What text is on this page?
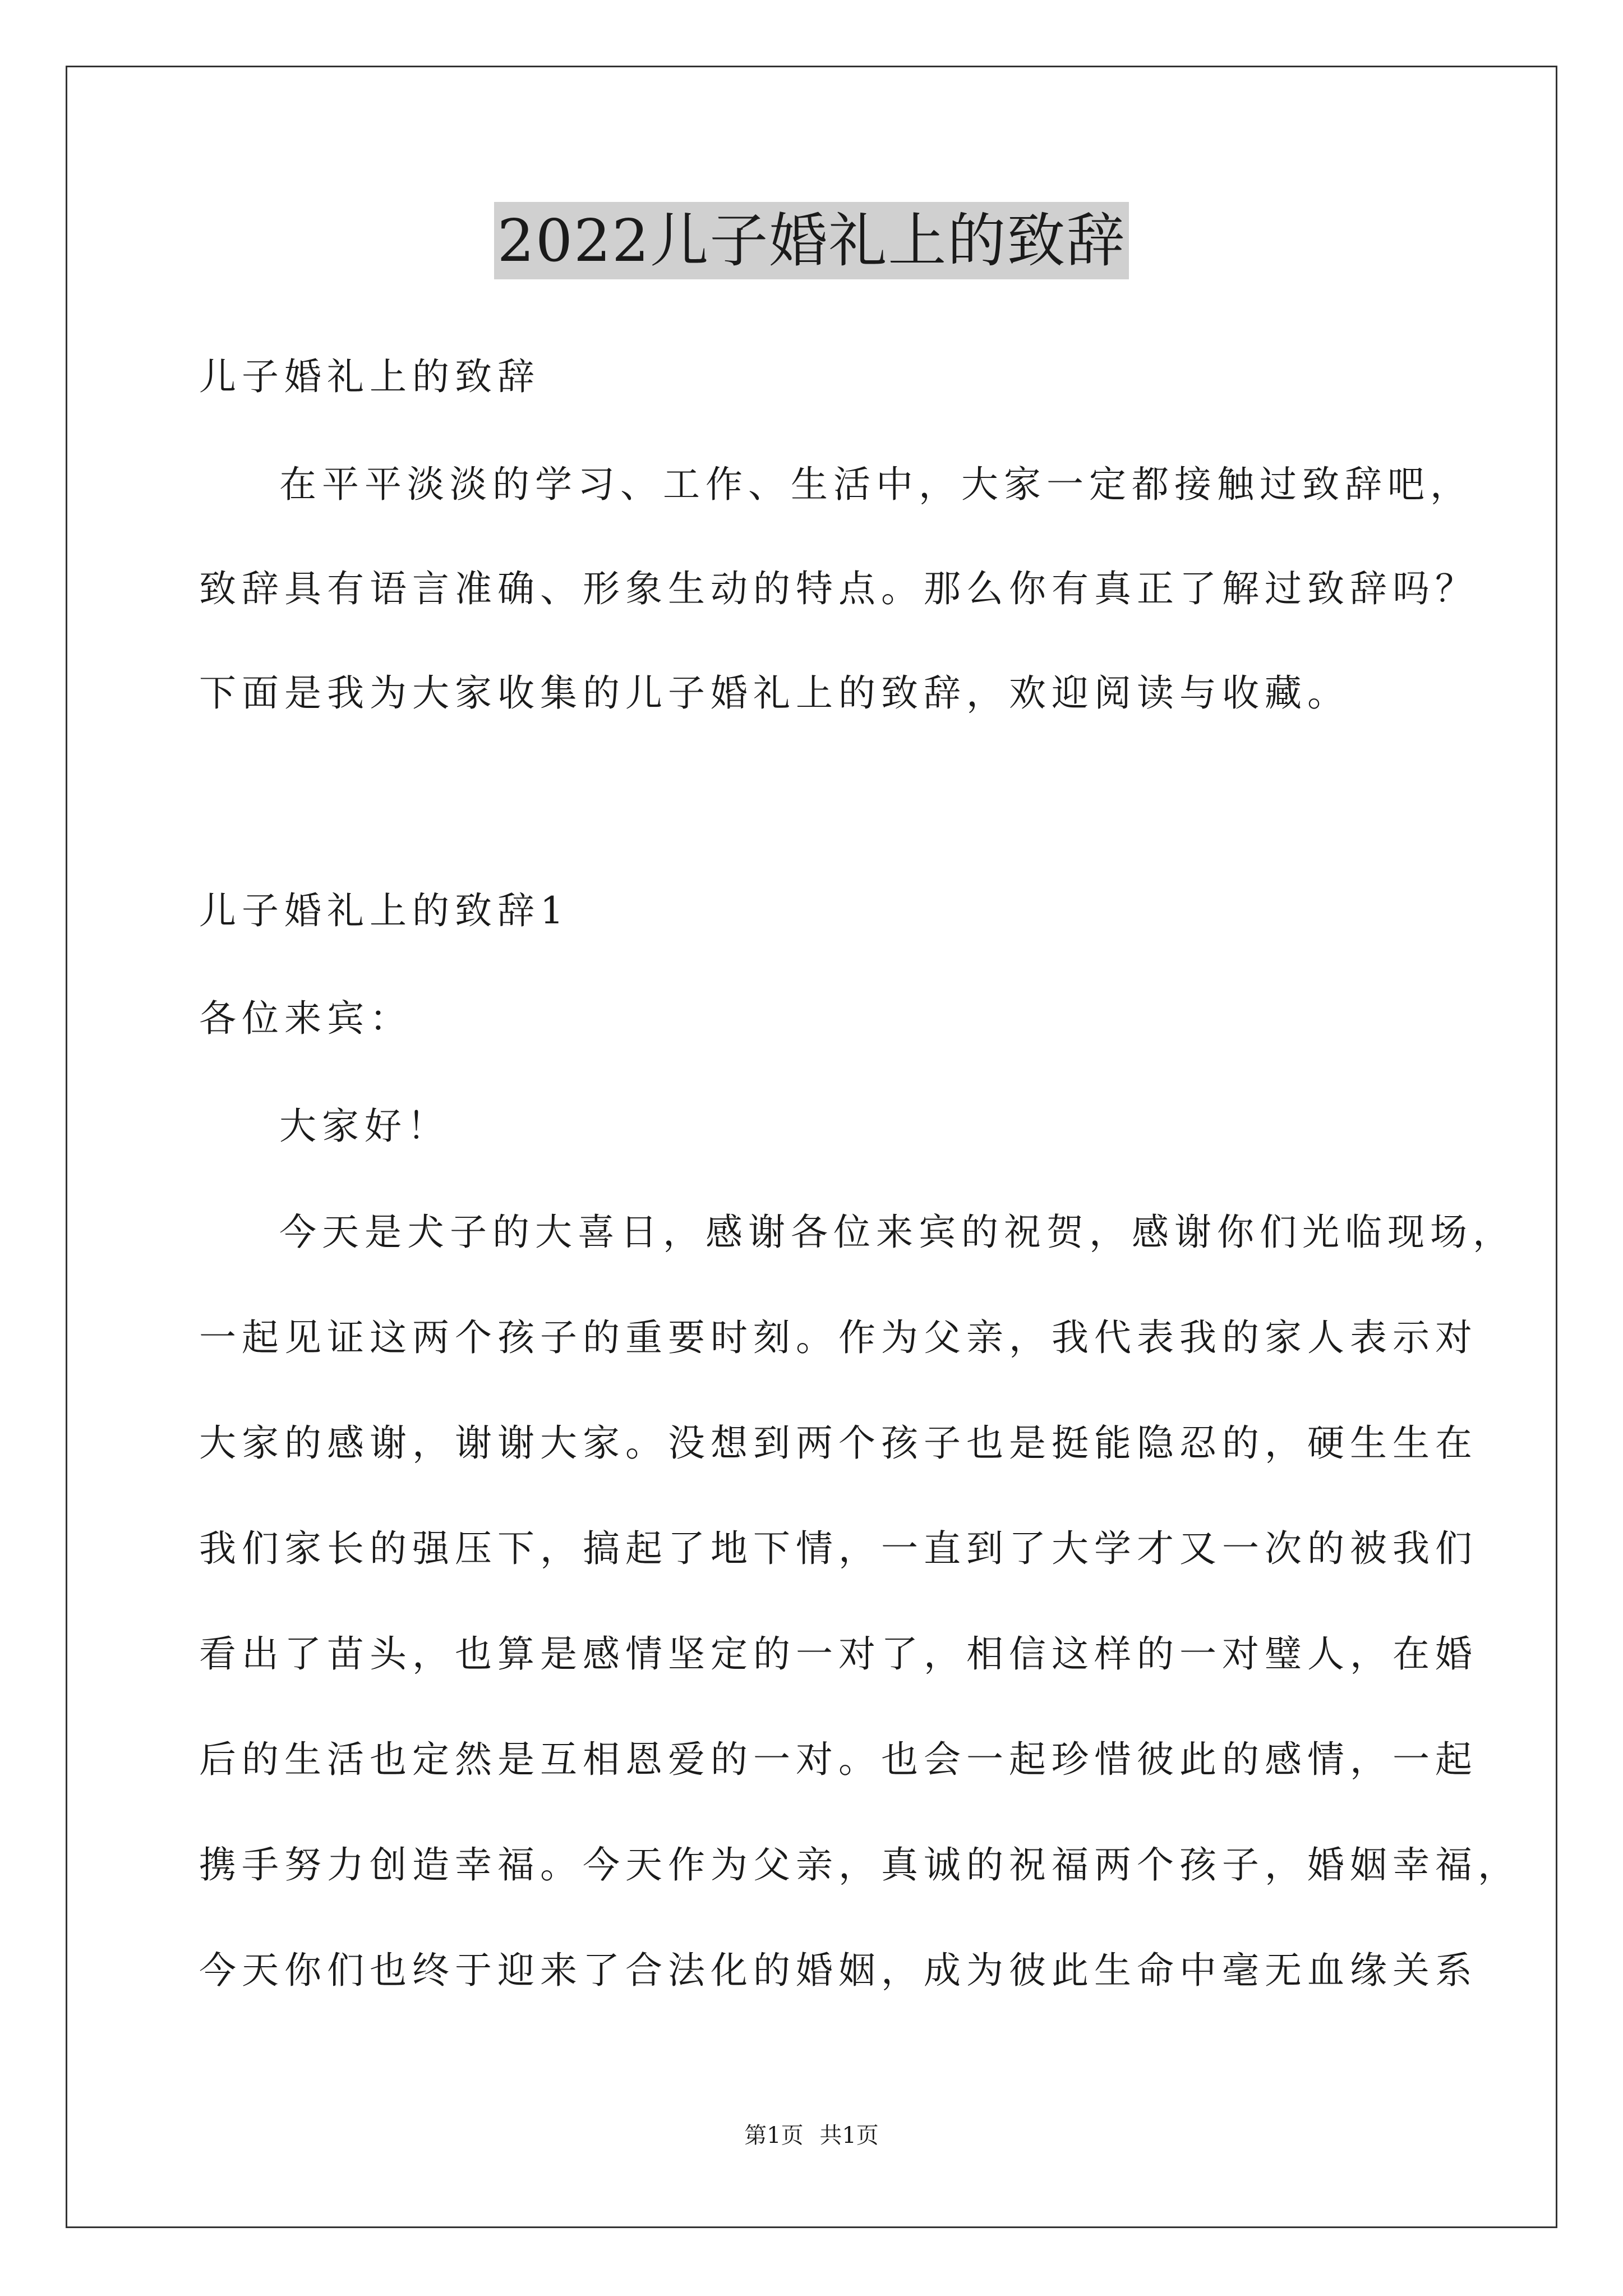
2022儿子婚礼上的致辞
儿子婚礼上的致辞
在平平淡淡的学习、工作、生活中，大家一定都接触过致辞吧，
致辞具有语言准确、形象生动的特点。那么你有真正了解过致辞吗？
下面是我为大家收集的儿子婚礼上的致辞，欢迎阅读与收藏。
儿子婚礼上的致辞1
各位来宾：
大家好！
今天是犬子的大喜日，感谢各位来宾的祝贺，感谢你们光临现场，
一起见证这两个孩子的重要时刻。作为父亲，我代表我的家人表示对
大家的感谢，谢谢大家。没想到两个孩子也是挺能隐忍的，硬生生在
我们家长的强压下，搞起了地下情，一直到了大学才又一次的被我们
看出了苗头，也算是感情坚定的一对了，相信这样的一对璧人，在婚
后的生活也定然是互相恩爱的一对。也会一起珍惜彼此的感情，一起
携手努力创造幸福。今天作为父亲，真诚的祝福两个孩子，婚姻幸福，
今天你们也终于迎来了合法化的婚姻，成为彼此生命中毫无血缘关系
第1页 共1页
